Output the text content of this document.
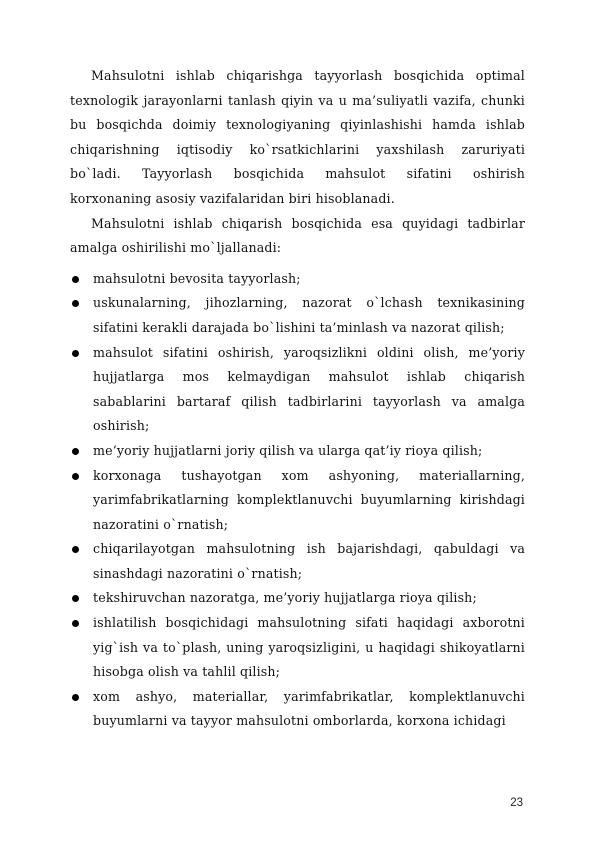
Mahsulotni ishlab chiqarishga tayyorlash bosqichida optimal texnologik jarayonlarni tanlash qiyin va u ma’suliyatli vazifa, chunki bu bosqichda doimiy texnologiyaning qiyinlashishi hamda ishlab chiqarishning iqtisodiy ko`rsatkichlarini yaxshilash zaruriyati bo`ladi. Tayyorlash bosqichida mahsulot sifatini oshirish korxonaning asosiy vazifalaridan biri hisoblanadi.

Mahsulotni ishlab chiqarish bosqichida esa quyidagi tadbirlar amalga oshirilishi mo`ljallanadi:

mahsulotni bevosita tayyorlash;
uskunalarning, jihozlarning, nazorat o`lchash texnikasining sifatini kerakli darajada bo`lishini ta’minlash va nazorat qilish;
mahsulot sifatini oshirish, yaroqsizlikni oldini olish, me’yoriy hujjatlarga mos kelmaydigan mahsulot ishlab chiqarish sabablarini bartaraf qilish tadbirlarini tayyorlash va amalga oshirish;
me’yoriy hujjatlarni joriy qilish va ularga qat’iy rioya qilish;
korxonaga tushayotgan xom ashyoning, materiallarning, yarimfabrikatlarning komplektlanuvchi buyumlarning kirishdagi nazoratini o`rnatish;
chiqarilayotgan mahsulotning ish bajarishdagi, qabuldagi va sinashdagi nazoratini o`rnatish;
tekshiruvchan nazoratga, me’yoriy hujjatlarga rioya qilish;
ishlatilish bosqichidagi mahsulotning sifati haqidagi axborotni yig`ish va to`plash, uning yaroqsizligini, u haqidagi shikoyatlarni hisobga olish va tahlil qilish;
xom ashyo, materiallar, yarimfabrikatlar, komplektlanuvchi buyumlarni va tayyor mahsulotni omborlarda, korxona ichidagi
23
